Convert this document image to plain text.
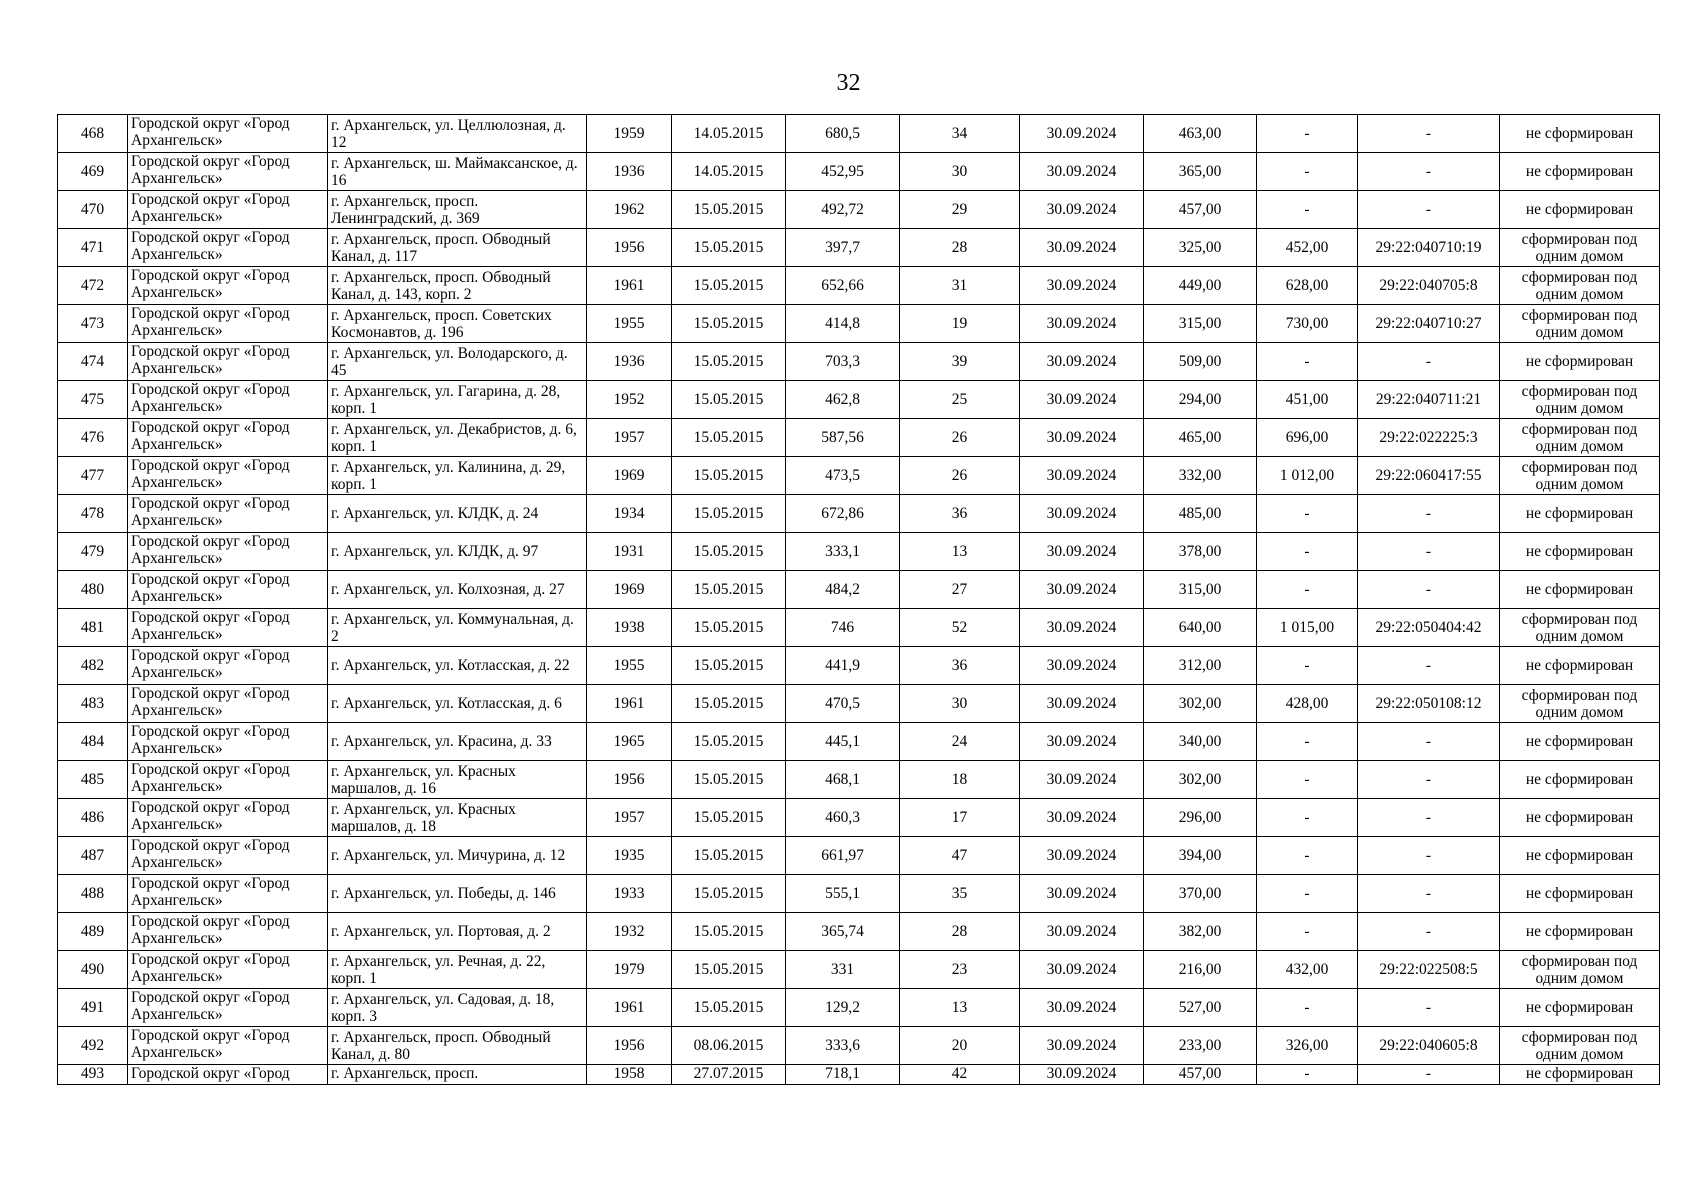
32
468	Городской округ «Город Архангельск»	г. Архангельск, ул. Целлюлозная, д. 12	1959	14.05.2015	680,5	34	30.09.2024	463,00	-	-	не сформирован
469	Городской округ «Город Архангельск»	г. Архангельск, ш. Маймаксанское, д. 16	1936	14.05.2015	452,95	30	30.09.2024	365,00	-	-	не сформирован
470	Городской округ «Город Архангельск»	г. Архангельск, просп. Ленинградский, д. 369	1962	15.05.2015	492,72	29	30.09.2024	457,00	-	-	не сформирован
471	Городской округ «Город Архангельск»	г. Архангельск, просп. Обводный Канал, д. 117	1956	15.05.2015	397,7	28	30.09.2024	325,00	452,00	29:22:040710:19	сформирован под одним домом
472	Городской округ «Город Архангельск»	г. Архангельск, просп. Обводный Канал, д. 143, корп. 2	1961	15.05.2015	652,66	31	30.09.2024	449,00	628,00	29:22:040705:8	сформирован под одним домом
473	Городской округ «Город Архангельск»	г. Архангельск, просп. Советских Космонавтов, д. 196	1955	15.05.2015	414,8	19	30.09.2024	315,00	730,00	29:22:040710:27	сформирован под одним домом
474	Городской округ «Город Архангельск»	г. Архангельск, ул. Володарского, д. 45	1936	15.05.2015	703,3	39	30.09.2024	509,00	-	-	не сформирован
475	Городской округ «Город Архангельск»	г. Архангельск, ул. Гагарина, д. 28, корп. 1	1952	15.05.2015	462,8	25	30.09.2024	294,00	451,00	29:22:040711:21	сформирован под одним домом
476	Городской округ «Город Архангельск»	г. Архангельск, ул. Декабристов, д. 6, корп. 1	1957	15.05.2015	587,56	26	30.09.2024	465,00	696,00	29:22:022225:3	сформирован под одним домом
477	Городской округ «Город Архангельск»	г. Архангельск, ул. Калинина, д. 29, корп. 1	1969	15.05.2015	473,5	26	30.09.2024	332,00	1 012,00	29:22:060417:55	сформирован под одним домом
478	Городской округ «Город Архангельск»	г. Архангельск, ул. КЛДК, д. 24	1934	15.05.2015	672,86	36	30.09.2024	485,00	-	-	не сформирован
479	Городской округ «Город Архангельск»	г. Архангельск, ул. КЛДК, д. 97	1931	15.05.2015	333,1	13	30.09.2024	378,00	-	-	не сформирован
480	Городской округ «Город Архангельск»	г. Архангельск, ул. Колхозная, д. 27	1969	15.05.2015	484,2	27	30.09.2024	315,00	-	-	не сформирован
481	Городской округ «Город Архангельск»	г. Архангельск, ул. Коммунальная, д. 2	1938	15.05.2015	746	52	30.09.2024	640,00	1 015,00	29:22:050404:42	сформирован под одним домом
482	Городской округ «Город Архангельск»	г. Архангельск, ул. Котласская, д. 22	1955	15.05.2015	441,9	36	30.09.2024	312,00	-	-	не сформирован
483	Городской округ «Город Архангельск»	г. Архангельск, ул. Котласская, д. 6	1961	15.05.2015	470,5	30	30.09.2024	302,00	428,00	29:22:050108:12	сформирован под одним домом
484	Городской округ «Город Архангельск»	г. Архангельск, ул. Красина, д. 33	1965	15.05.2015	445,1	24	30.09.2024	340,00	-	-	не сформирован
485	Городской округ «Город Архангельск»	г. Архангельск, ул. Красных маршалов, д. 16	1956	15.05.2015	468,1	18	30.09.2024	302,00	-	-	не сформирован
486	Городской округ «Город Архангельск»	г. Архангельск, ул. Красных маршалов, д. 18	1957	15.05.2015	460,3	17	30.09.2024	296,00	-	-	не сформирован
487	Городской округ «Город Архангельск»	г. Архангельск, ул. Мичурина, д. 12	1935	15.05.2015	661,97	47	30.09.2024	394,00	-	-	не сформирован
488	Городской округ «Город Архангельск»	г. Архангельск, ул. Победы, д. 146	1933	15.05.2015	555,1	35	30.09.2024	370,00	-	-	не сформирован
489	Городской округ «Город Архангельск»	г. Архангельск, ул. Портовая, д. 2	1932	15.05.2015	365,74	28	30.09.2024	382,00	-	-	не сформирован
490	Городской округ «Город Архангельск»	г. Архангельск, ул. Речная, д. 22, корп. 1	1979	15.05.2015	331	23	30.09.2024	216,00	432,00	29:22:022508:5	сформирован под одним домом
491	Городской округ «Город Архангельск»	г. Архангельск, ул. Садовая, д. 18, корп. 3	1961	15.05.2015	129,2	13	30.09.2024	527,00	-	-	не сформирован
492	Городской округ «Город Архангельск»	г. Архангельск, просп. Обводный Канал, д. 80	1956	08.06.2015	333,6	20	30.09.2024	233,00	326,00	29:22:040605:8	сформирован под одним домом
493	Городской округ «Город	г. Архангельск, просп.	1958	27.07.2015	718,1	42	30.09.2024	457,00	-	-	не сформирован
